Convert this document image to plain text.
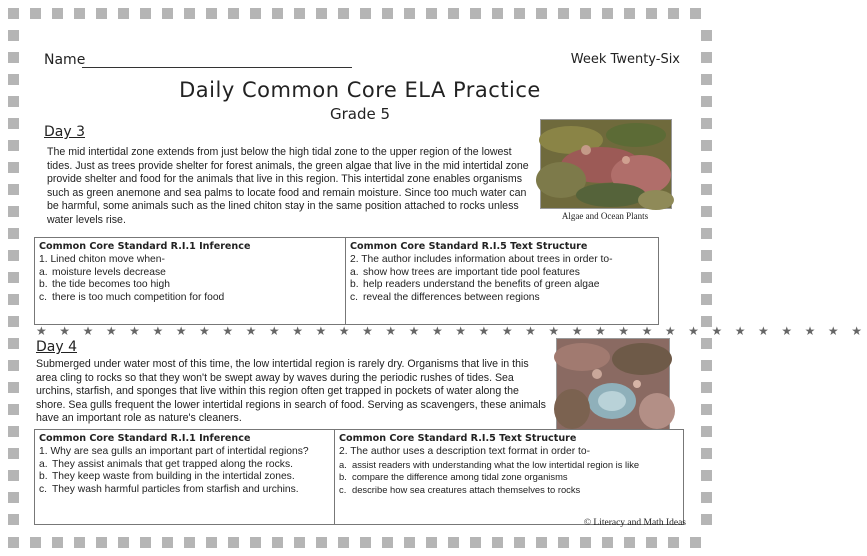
Name	Week Twenty-Six
Daily Common Core ELA Practice
Grade 5
Day 3
The mid intertidal zone extends from just below the high tidal zone to the upper region of the lowest tides. Just as trees provide shelter for forest animals, the green algae that live in the mid intertidal zone provide shelter and food for the animals that live in this region. This intertidal zone enables organisms such as green anemone and sea palms to locate food and remain moisture. Since too much water can be harmful, some animals such as the lined chiton stay in the same position attached to rocks unless water levels rise.	Algae and Ocean Plants
Common Core Standard R.I.1 Inference
1. Lined chiton move when-
a. moisture levels decrease
b. the tide becomes too high
c. there is too much competition for food
Common Core Standard R.I.5 Text Structure
2. The author includes information about trees in order to-
a. show how trees are important tide pool features
b. help readers understand the benefits of green algae
c. reveal the differences between regions
★ ★ ★ ★ ★ ★ ★ ★ ★ ★ ★ ★ ★ ★ ★ ★ ★ ★ ★ ★ ★ ★ ★ ★ ★ ★ ★ ★ ★ ★ ★ ★ ★ ★ ★ ★
Day 4
Submerged under water most of this time, the low intertidal region is rarely dry. Organisms that live in this area cling to rocks so that they won't be swept away by waves during the periodic rushes of tides. Sea urchins, starfish, and sponges that live within this region often get trapped in pockets of water along the shore. Sea gulls frequent the lower intertidal regions in search of food. Serving as scavengers, these animals have an important role as nature's cleaners.
Common Core Standard R.I.1 Inference
1. Why are sea gulls an important part of intertidal regions?
a. They assist animals that get trapped along the rocks.
b. They keep waste from building in the intertidal zones.
c. They wash harmful particles from starfish and urchins.
Common Core Standard R.I.5 Text Structure
2. The author uses a description text format in order to-
a. assist readers with understanding what the low intertidal region is like
b. compare the difference among tidal zone organisms
c. describe how sea creatures attach themselves to rocks
© Literacy and Math Ideas
